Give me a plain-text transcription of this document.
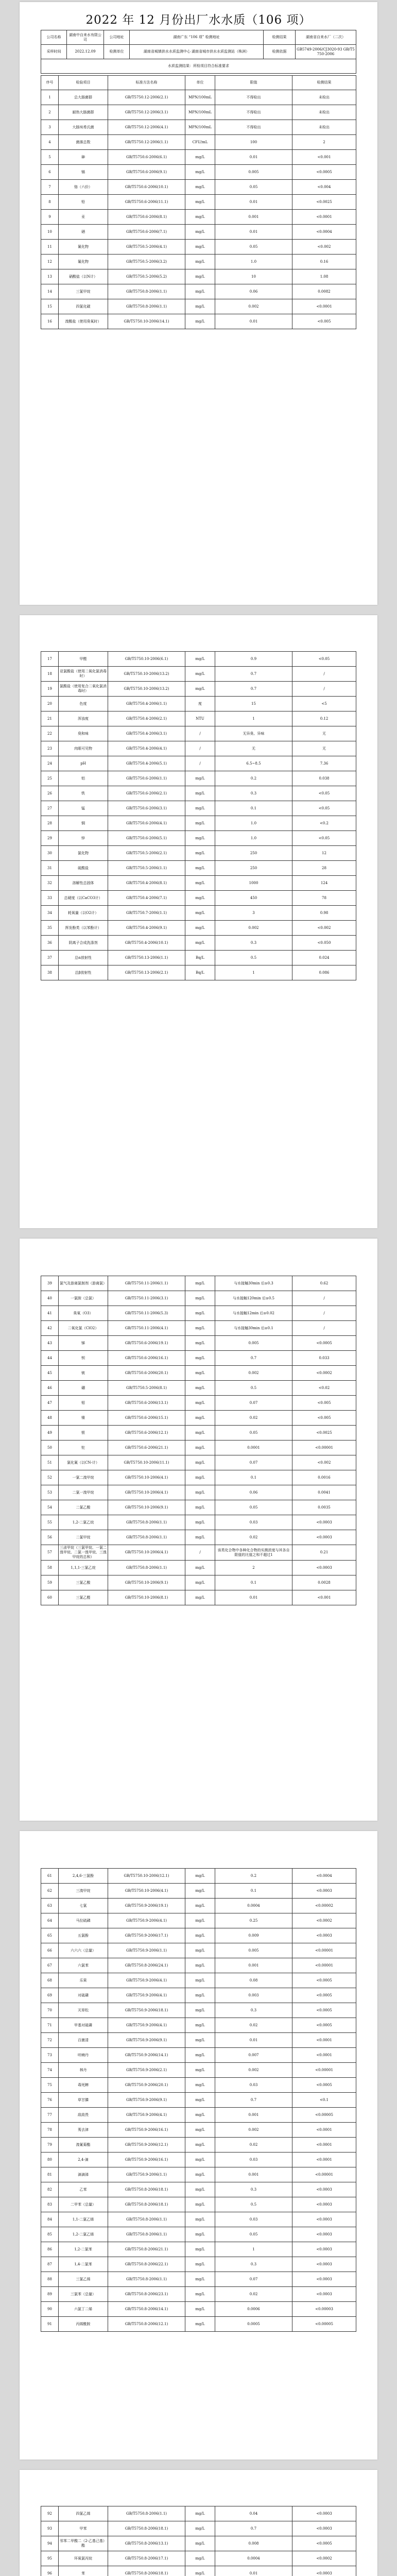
2022 年 12 月份出厂水水质（106 项）
公司名称	湖南中自来水有限公司	公司地址	湖南广东 “106 项” 检测地址	检测结果	湖南省自来水厂（二次）
采样时间	2022.12.09	检测单位	湖南省城镇供水水质监测中心 湖南省城市供水水质监测站（株洲）	检测依据	GB5749-2006/CJ3020-93 GB/T5750-2006
水质监测结果：所检项目符合标准要求					
序号	检验项目	标准方法名称	单位	限值	检测结果
1	总大肠菌群	GB/T5750.12-2006(2.1)	MPN/100mL	不得检出	未检出
2	耐热大肠菌群	GB/T5750.12-2006(3.1)	MPN/100mL	不得检出	未检出
3	大肠埃希氏菌	GB/T5750.12-2006(4.1)	MPN/100mL	不得检出	未检出
4	菌落总数	GB/T5750.12-2006(1.1)	CFU/mL	100	2
5	砷	GB/T5750.6-2006(6.1)	mg/L	0.01	<0.001
6	镉	GB/T5750.6-2006(9.1)	mg/L	0.005	<0.0005
7	铬（六价）	GB/T5750.6-2006(10.1)	mg/L	0.05	<0.004
8	铅	GB/T5750.6-2006(11.1)	mg/L	0.01	<0.0025
9	汞	GB/T5750.6-2006(8.1)	mg/L	0.001	<0.0001
10	硒	GB/T5750.6-2006(7.1)	mg/L	0.01	<0.0004
11	氰化物	GB/T5750.5-2006(4.1)	mg/L	0.05	<0.002
12	氟化物	GB/T5750.5-2006(3.2)	mg/L	1.0	0.16
13	硝酸盐（以N计）	GB/T5750.5-2006(5.2)	mg/L	10	1.08
14	三氯甲烷	GB/T5750.8-2006(1.1)	mg/L	0.06	0.0082
15	四氯化碳	GB/T5750.8-2006(1.1)	mg/L	0.002	<0.0001
16	溴酸盐（使用臭氧时）	GB/T5750.10-2006(14.1)	mg/L	0.01	<0.005
17	甲醛	GB/T5750.10-2006(6.1)	mg/L	0.9	<0.05
18	亚氯酸盐（使用二氧化氯消毒时）	GB/T5750.10-2006(13.2)	mg/L	0.7	/
19	氯酸盐（使用复合二氧化氯消毒时）	GB/T5750.10-2006(13.2)	mg/L	0.7	/
20	色度	GB/T5750.4-2006(1.1)	度	15	<5
21	浑浊度	GB/T5750.4-2006(2.1)	NTU	1	0.12
22	臭和味	GB/T5750.4-2006(3.1)	/	无异臭、异味	无
23	肉眼可见物	GB/T5750.4-2006(4.1)	/	无	无
24	pH	GB/T5750.4-2006(5.1)	/	6.5~8.5	7.36
25	铝	GB/T5750.6-2006(1.1)	mg/L	0.2	0.038
26	铁	GB/T5750.6-2006(2.1)	mg/L	0.3	<0.05
27	锰	GB/T5750.6-2006(3.1)	mg/L	0.1	<0.05
28	铜	GB/T5750.6-2006(4.1)	mg/L	1.0	<0.2
29	锌	GB/T5750.6-2006(5.1)	mg/L	1.0	<0.05
30	氯化物	GB/T5750.5-2006(2.1)	mg/L	250	12
31	硫酸盐	GB/T5750.5-2006(1.1)	mg/L	250	28
32	溶解性总固体	GB/T5750.4-2006(8.1)	mg/L	1000	124
33	总硬度（以CaCO3计）	GB/T5750.4-2006(7.1)	mg/L	450	78
34	耗氧量（以O2计）	GB/T5750.7-2006(1.1)	mg/L	3	0.98
35	挥发酚类（以苯酚计）	GB/T5750.4-2006(9.1)	mg/L	0.002	<0.002
36	阴离子合成洗涤剂	GB/T5750.4-2006(10.1)	mg/L	0.3	<0.050
37	总α放射性	GB/T5750.13-2006(1.1)	Bq/L	0.5	0.024
38	总β放射性	GB/T5750.13-2006(2.1)	Bq/L	1	0.086
39	氯气及游离氯制剂（游离氯）	GB/T5750.11-2006(1.1)	mg/L	与水接触30min 后≥0.3	0.62
40	一氯胺（总氯）	GB/T5750.11-2006(3.1)	mg/L	与水接触120min 后≥0.5	/
41	臭氧（O3）	GB/T5750.11-2006(5.3)	mg/L	与水接触12min 后≥0.02	/
42	二氧化氯（ClO2）	GB/T5750.11-2006(4.1)	mg/L	与水接触30min 后≥0.1	/
43	锑	GB/T5750.6-2006(19.1)	mg/L	0.005	<0.0005
44	钡	GB/T5750.6-2006(16.1)	mg/L	0.7	0.033
45	铍	GB/T5750.6-2006(20.1)	mg/L	0.002	<0.0002
46	硼	GB/T5750.5-2006(8.1)	mg/L	0.5	<0.02
47	钼	GB/T5750.6-2006(13.1)	mg/L	0.07	<0.005
48	镍	GB/T5750.6-2006(15.1)	mg/L	0.02	<0.005
49	银	GB/T5750.6-2006(12.1)	mg/L	0.05	<0.0025
50	铊	GB/T5750.6-2006(21.1)	mg/L	0.0001	<0.00001
51	氯化氰（以CN-计）	GB/T5750.10-2006(11.1)	mg/L	0.07	<0.002
52	一氯二溴甲烷	GB/T5750.10-2006(4.1)	mg/L	0.1	0.0016
53	二氯一溴甲烷	GB/T5750.10-2006(4.1)	mg/L	0.06	0.0041
54	二氯乙酸	GB/T5750.10-2006(9.1)	mg/L	0.05	0.0035
55	1,2-二氯乙烷	GB/T5750.8-2006(1.1)	mg/L	0.03	<0.0003
56	二氯甲烷	GB/T5750.8-2006(1.1)	mg/L	0.02	<0.0003
57	三卤甲烷（三氯甲烷、一氯二溴甲烷、二氯一溴甲烷、三溴甲烷的总和）	GB/T5750.10-2006(4.1)	/	该类化合物中各种化合物的实测浓度与其各自限值的比值之和不超过1	0.21
58	1,1,1-三氯乙烷	GB/T5750.8-2006(1.1)	mg/L	2	<0.0003
59	三氯乙酸	GB/T5750.10-2006(9.1)	mg/L	0.1	0.0028
60	三氯乙醛	GB/T5750.10-2006(8.1)	mg/L	0.01	<0.001
61	2,4,6-三氯酚	GB/T5750.10-2006(12.1)	mg/L	0.2	<0.0004
62	三溴甲烷	GB/T5750.10-2006(4.1)	mg/L	0.1	<0.0003
63	七氯	GB/T5750.9-2006(19.1)	mg/L	0.0004	<0.00002
64	马拉硫磷	GB/T5750.9-2006(4.1)	mg/L	0.25	<0.0002
65	五氯酚	GB/T5750.9-2006(17.1)	mg/L	0.009	<0.0003
66	六六六（总量）	GB/T5750.9-2006(1.1)	mg/L	0.005	<0.00001
67	六氯苯	GB/T5750.8-2006(24.1)	mg/L	0.001	<0.00001
68	乐果	GB/T5750.9-2006(4.1)	mg/L	0.08	<0.0005
69	对硫磷	GB/T5750.9-2006(4.1)	mg/L	0.003	<0.0005
70	灭草松	GB/T5750.9-2006(18.1)	mg/L	0.3	<0.0005
71	甲基对硫磷	GB/T5750.9-2006(4.1)	mg/L	0.02	<0.0005
72	百菌清	GB/T5750.9-2006(9.1)	mg/L	0.01	<0.0001
73	呋喃丹	GB/T5750.9-2006(14.1)	mg/L	0.007	<0.0001
74	林丹	GB/T5750.9-2006(2.1)	mg/L	0.002	<0.00001
75	毒死蜱	GB/T5750.9-2006(20.1)	mg/L	0.03	<0.0005
76	草甘膦	GB/T5750.9-2006(9.1)	mg/L	0.7	<0.1
77	敌敌畏	GB/T5750.9-2006(4.1)	mg/L	0.001	<0.00005
78	莠去津	GB/T5750.9-2006(16.1)	mg/L	0.002	<0.0001
79	溴氰菊酯	GB/T5750.9-2006(12.1)	mg/L	0.02	<0.0001
80	2,4-滴	GB/T5750.9-2006(16.1)	mg/L	0.03	<0.0001
81	滴滴涕	GB/T5750.9-2006(1.1)	mg/L	0.001	<0.00001
82	乙苯	GB/T5750.8-2006(18.1)	mg/L	0.3	<0.0003
83	二甲苯（总量）	GB/T5750.8-2006(18.1)	mg/L	0.5	<0.0003
84	1,1-二氯乙烯	GB/T5750.8-2006(1.1)	mg/L	0.03	<0.0003
85	1,2-二氯乙烯	GB/T5750.8-2006(1.1)	mg/L	0.05	<0.0003
86	1,2-二氯苯	GB/T5750.8-2006(21.1)	mg/L	1	<0.0003
87	1,4-二氯苯	GB/T5750.8-2006(22.1)	mg/L	0.3	<0.0003
88	三氯乙烯	GB/T5750.8-2006(1.1)	mg/L	0.07	<0.0003
89	三氯苯（总量）	GB/T5750.8-2006(23.1)	mg/L	0.02	<0.0003
90	六氯丁二烯	GB/T5750.8-2006(14.1)	mg/L	0.0006	<0.00003
91	丙烯酰胺	GB/T5750.8-2006(12.1)	mg/L	0.0005	<0.00005
92	四氯乙烯	GB/T5750.8-2006(1.1)	mg/L	0.04	<0.0003
93	甲苯	GB/T5750.8-2006(18.1)	mg/L	0.7	<0.0003
94	邻苯二甲酸二（2-乙基己基）酯	GB/T5750.8-2006(13.1)	mg/L	0.008	<0.0005
95	环氧氯丙烷	GB/T5750.8-2006(17.1)	mg/L	0.0004	<0.0002
96	苯	GB/T5750.8-2006(18.1)	mg/L	0.01	<0.0003
